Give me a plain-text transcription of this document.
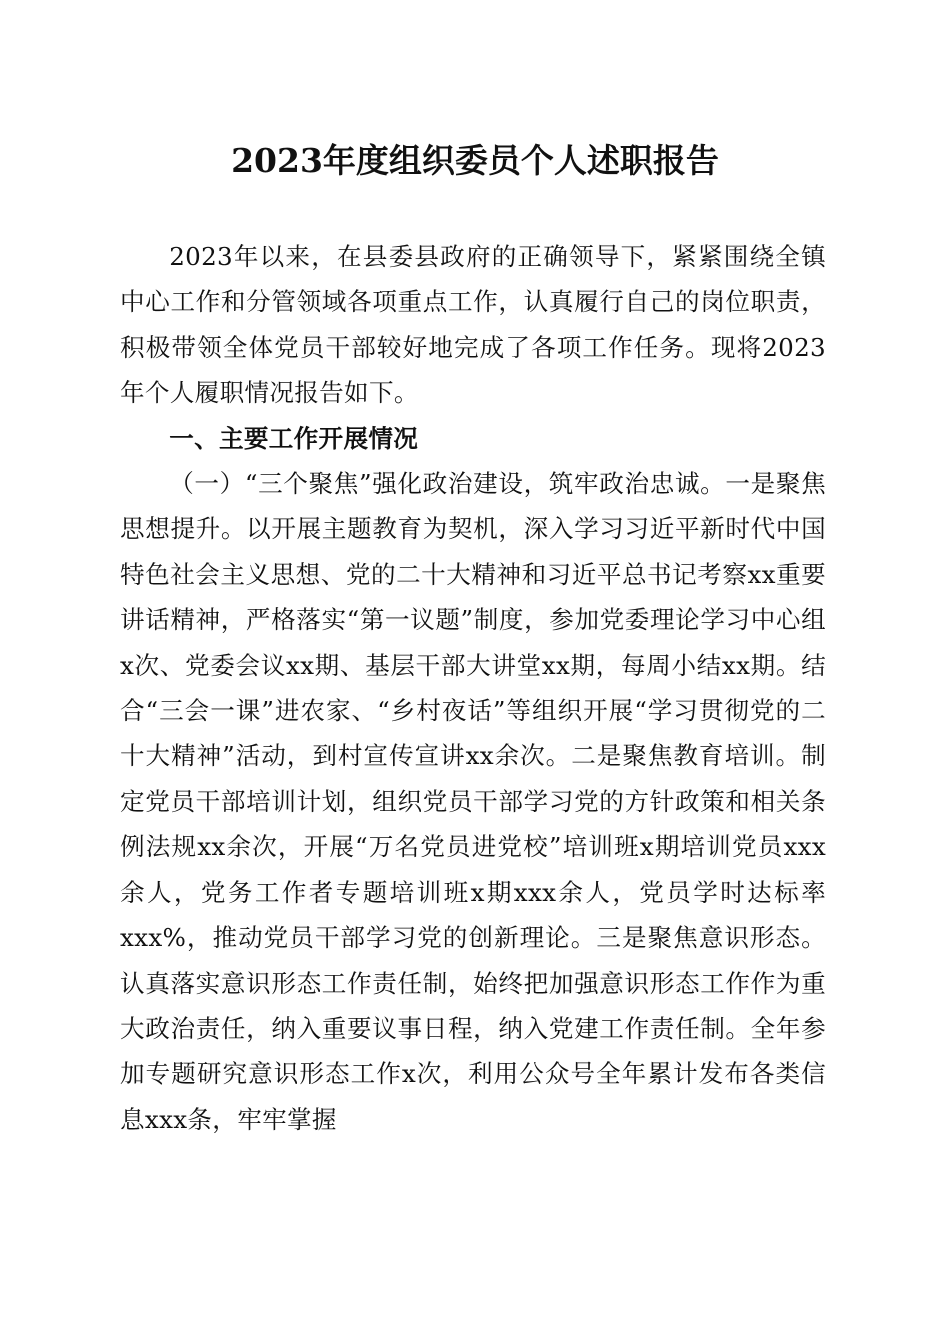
2023年度组织委员个人述职报告

2023年以来，在县委县政府的正确领导下，紧紧围绕全镇中心工作和分管领域各项重点工作，认真履行自己的岗位职责，积极带领全体党员干部较好地完成了各项工作任务。现将2023年个人履职情况报告如下。

一、主要工作开展情况

（一）“三个聚焦”强化政治建设，筑牢政治忠诚。一是聚焦思想提升。以开展主题教育为契机，深入学习习近平新时代中国特色社会主义思想、党的二十大精神和习近平总书记考察xx重要讲话精神，严格落实“第一议题”制度，参加党委理论学习中心组x次、党委会议xx期、基层干部大讲堂xx期，每周小结xx期。结合“三会一课”进农家、“乡村夜话”等组织开展“学习贯彻党的二十大精神”活动，到村宣传宣讲xx余次。二是聚焦教育培训。制定党员干部培训计划，组织党员干部学习党的方针政策和相关条例法规xx余次，开展“万名党员进党校”培训班x期培训党员xxx余人，党务工作者专题培训班x期xxx余人，党员学时达标率xxx%，推动党员干部学习党的创新理论。三是聚焦意识形态。认真落实意识形态工作责任制，始终把加强意识形态工作作为重大政治责任，纳入重要议事日程，纳入党建工作责任制。全年参加专题研究意识形态工作x次，利用公众号全年累计发布各类信息xxx条，牢牢掌握
